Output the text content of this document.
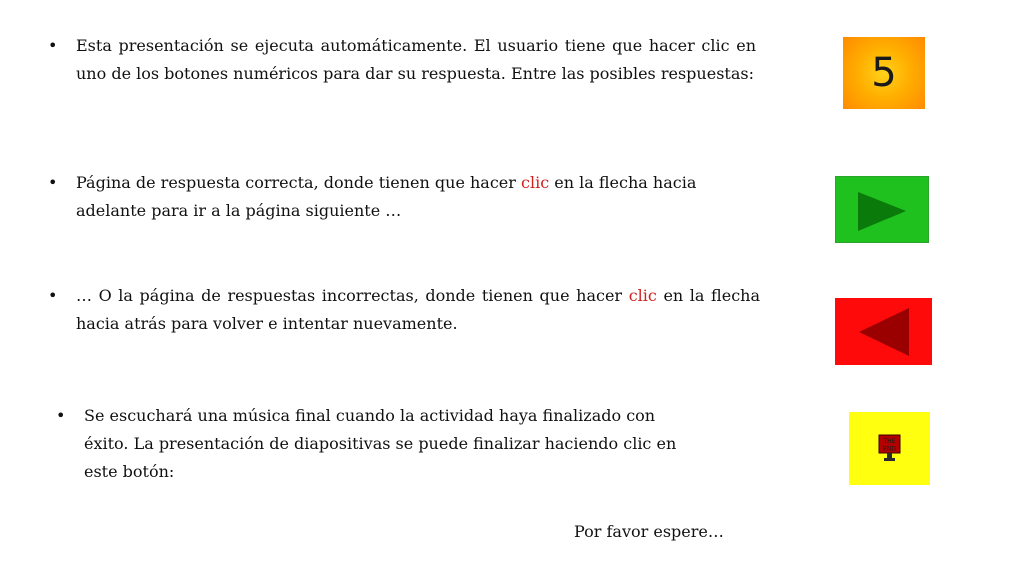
• Esta presentación se ejecuta automáticamente. El usuario tiene que hacer clic en uno de los botones numéricos para dar su respuesta. Entre las posibles respuestas:
• Página de respuesta correcta, donde tienen que hacer clic en la flecha hacia adelante para ir a la página siguiente …
• … O la página de respuestas incorrectas, donde tienen que hacer clic en la flecha hacia atrás para volver e intentar nuevamente.
• Se escuchará una música final cuando la actividad haya finalizado con éxito. La presentación de diapositivas se puede finalizar haciendo clic en este botón:
Por favor espere…
5
THE
END
